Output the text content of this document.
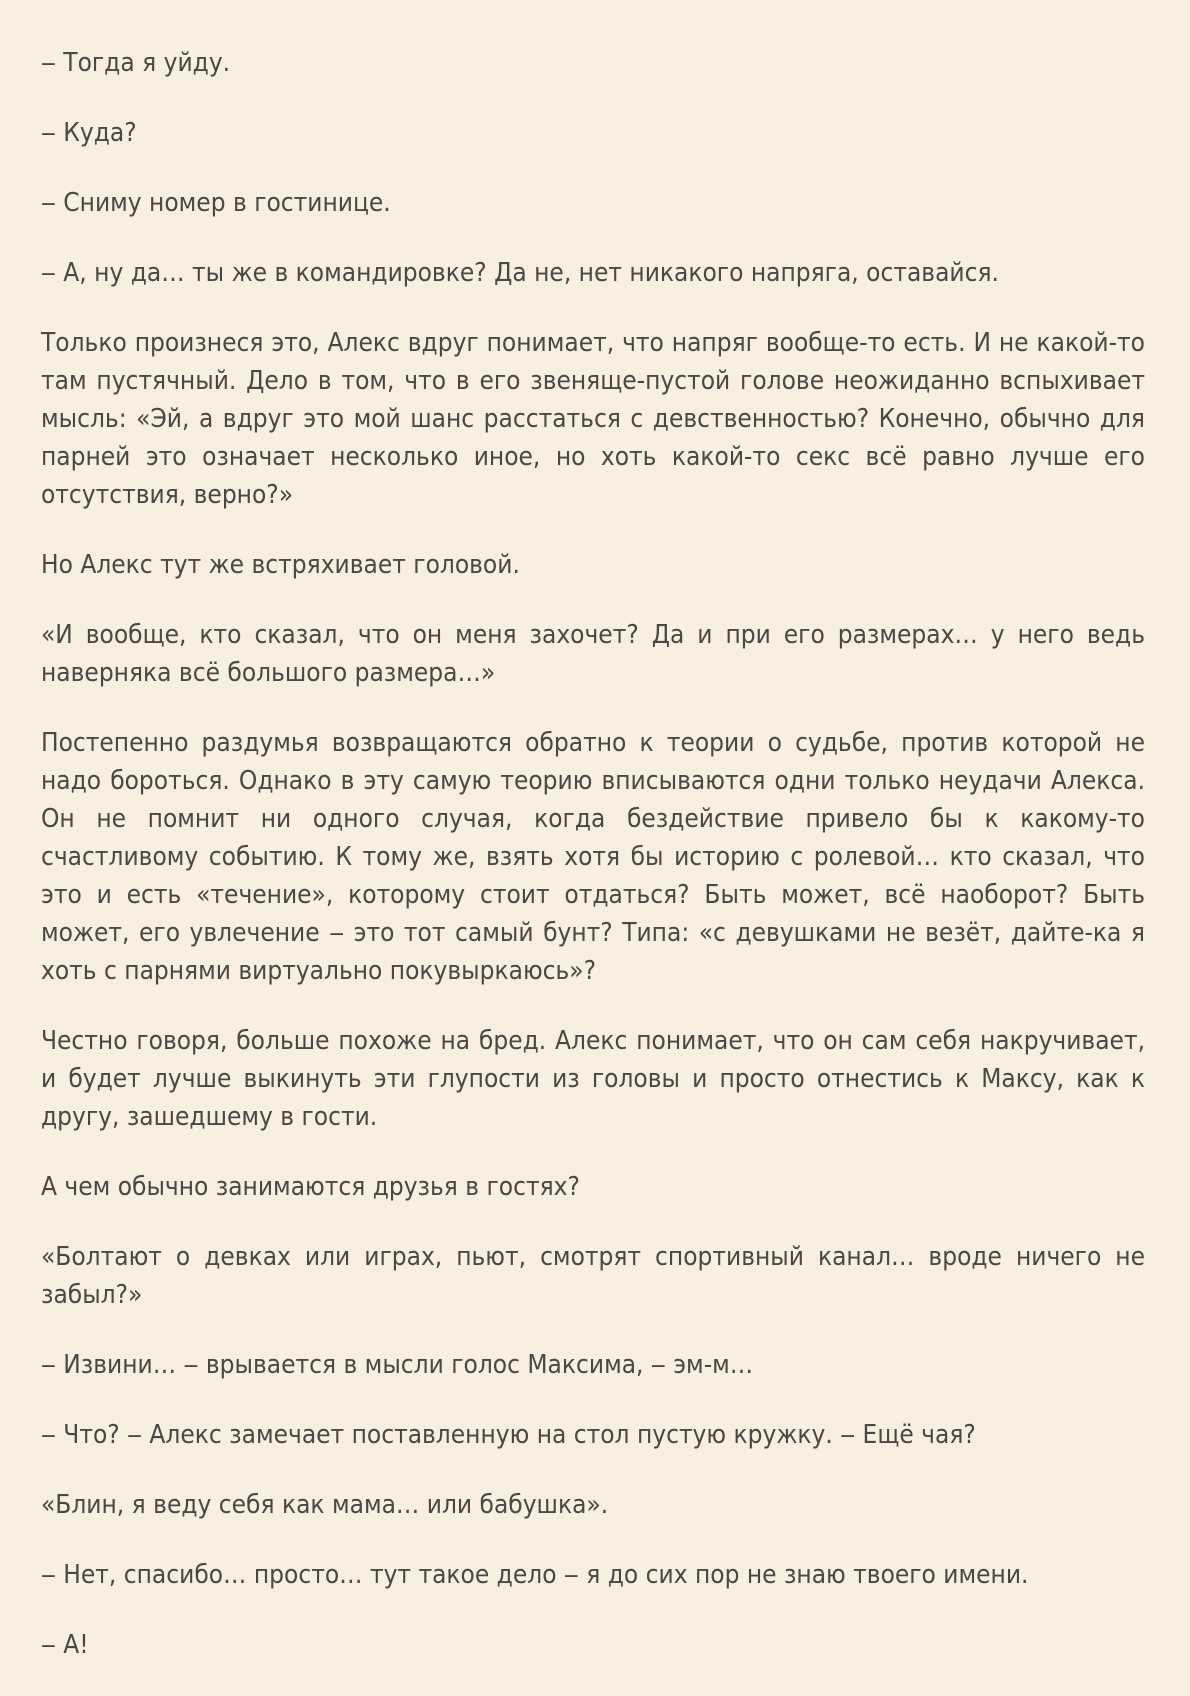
‒ Тогда я уйду.

‒ Куда?

‒ Сниму номер в гостинице.

‒ А, ну да… ты же в командировке? Да не, нет никакого напряга, оставайся.

Только произнеся это, Алекс вдруг понимает, что напряг вообще-то есть. И не какой-то там пустячный. Дело в том, что в его звеняще-пустой голове неожиданно вспыхивает мысль: «Эй, а вдруг это мой шанс расстаться с девственностью? Конечно, обычно для парней это означает несколько иное, но хоть какой-то секс всё равно лучше его отсутствия, верно?»

Но Алекс тут же встряхивает головой.

«И вообще, кто сказал, что он меня захочет? Да и при его размерах… у него ведь наверняка всё большого размера…»

Постепенно раздумья возвращаются обратно к теории о судьбе, против которой не надо бороться. Однако в эту самую теорию вписываются одни только неудачи Алекса. Он не помнит ни одного случая, когда бездействие привело бы к какому-то счастливому событию. К тому же, взять хотя бы историю с ролевой… кто сказал, что это и есть «течение», которому стоит отдаться? Быть может, всё наоборот? Быть может, его увлечение ‒ это тот самый бунт? Типа: «с девушками не везёт, дайте-ка я хоть с парнями виртуально покувыркаюсь»?

Честно говоря, больше похоже на бред. Алекс понимает, что он сам себя накручивает, и будет лучше выкинуть эти глупости из головы и просто отнестись к Максу, как к другу, зашедшему в гости.

А чем обычно занимаются друзья в гостях?

«Болтают о девках или играх, пьют, смотрят спортивный канал… вроде ничего не забыл?»

‒ Извини… ‒ врывается в мысли голос Максима, ‒ эм-м…

‒ Что? ‒ Алекс замечает поставленную на стол пустую кружку. ‒ Ещё чая?

«Блин, я веду себя как мама… или бабушка».

‒ Нет, спасибо… просто… тут такое дело ‒ я до сих пор не знаю твоего имени.

‒ А!
